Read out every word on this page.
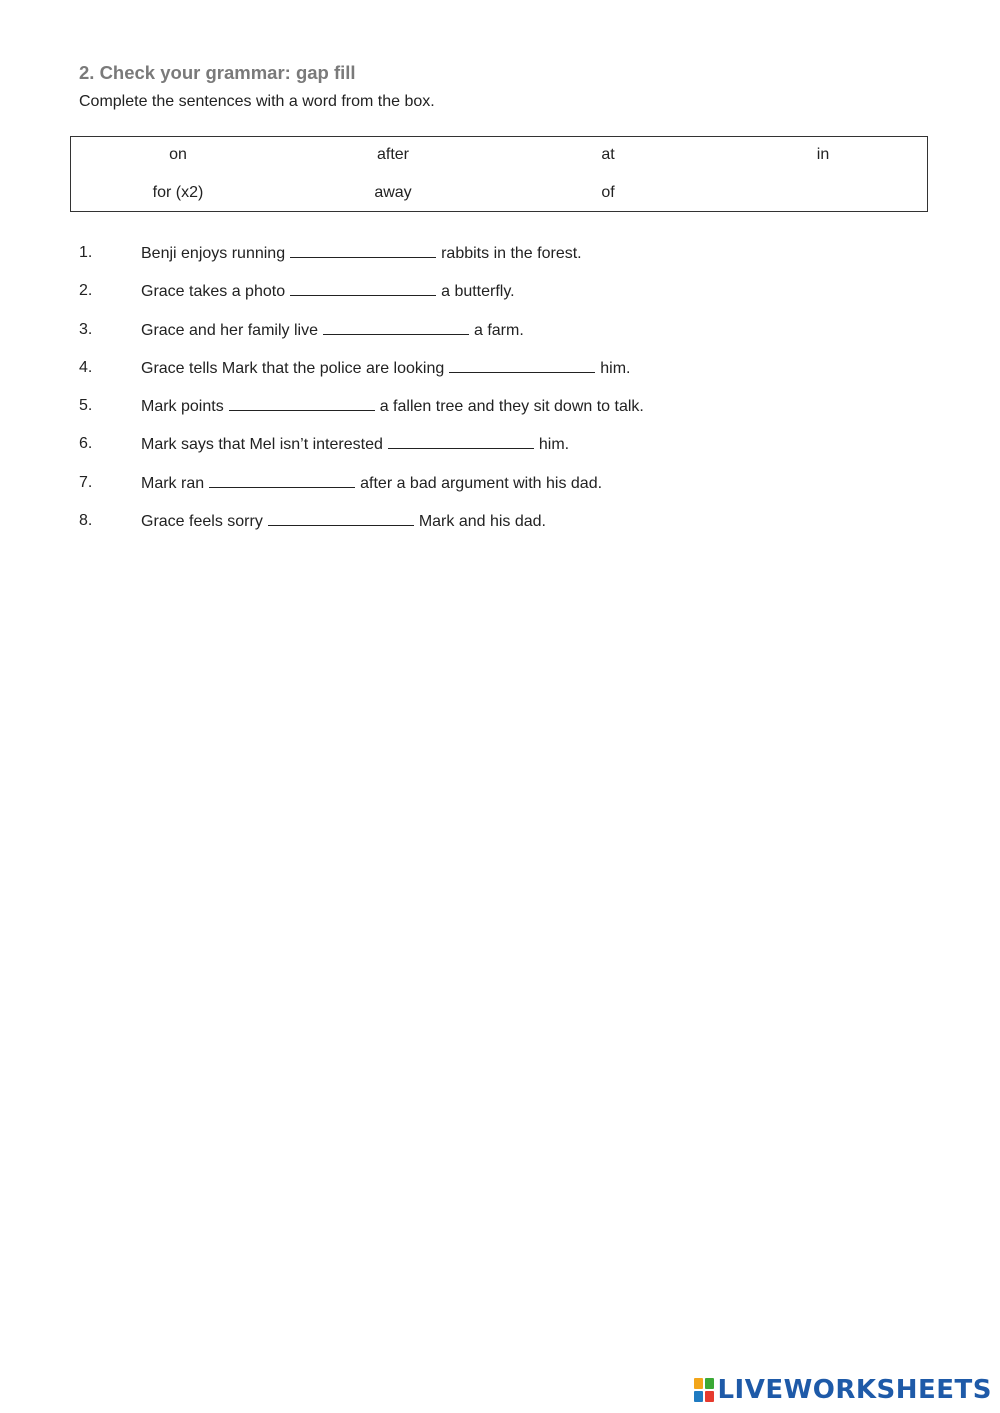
2. Check your grammar: gap fill

Complete the sentences with a word from the box.

on	after	at	in
for (x2)	away	of
1.	Benji enjoys running	rabbits in the forest.
2.	Grace takes a photo	a butterfly.
3.	Grace and her family live	a farm.
4.	Grace tells Mark that the police are looking	him.
5.	Mark points	a fallen tree and they sit down to talk.
6.	Mark says that Mel isn’t interested	him.
7.	Mark ran	after a bad argument with his dad.
8.	Grace feels sorry	Mark and his dad.
LIVEWORKSHEETS
